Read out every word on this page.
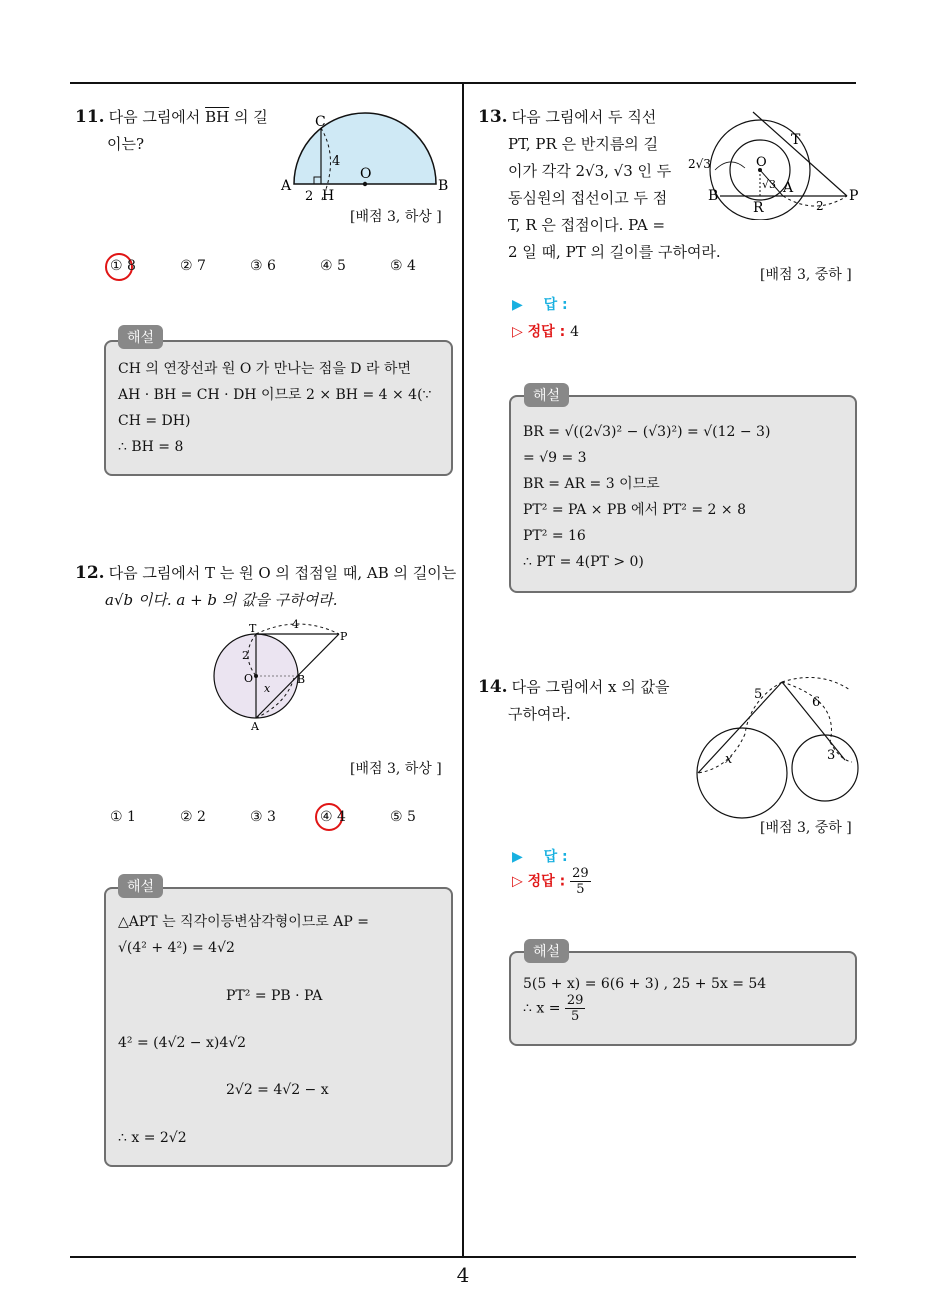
11. 다음 그림에서 $\overline{BH}$ 의 길
이는?
C
4
O
A
2 H
B
[배점 3, 하상 ]
① 8	② 7	③ 6	④ 5	⑤ 4
CH 의 연장선과 원 O 가 만나는 점을 D 라 하면
AH · BH = CH · DH 이므로 2 × BH = 4 × 4(∵
CH = DH)
∴ BH = 8
해설
12. 다음 그림에서 T 는 원 O 의 접점일 때, AB 의 길이는
a√b 이다. a + b 의 값을 구하여라.
T	4
P
2
O
x
B
A
[배점 3, 하상 ]
① 1	② 2	③ 3	④ 4	⑤ 5
△APT 는 직각이등변삼각형이므로 AP =
√(4² + 4²) = 4√2
PT² = PB · PA
4² = (4√2 − x)4√2
2√2 = 4√2 − x
∴ x = 2√2
해설
13. 다음 그림에서 두 직선
PT, PR 은 반지름의 길
이가 각각 2√3, √3 인 두
동심원의 접선이고 두 점
T, R 은 접점이다. PA =
2 일 때, PT 의 길이를 구하여라.
T
2√3	O
√3
B	A	P
R	2
[배점 3, 중하 ]
▶ 답 :
▷ 정답 : 4
BR = √((2√3)² − (√3)²) = √(12 − 3)
= √9 = 3
BR = AR = 3 이므로
PT² = PA × PB 에서 PT² = 2 × 8
PT² = 16
∴ PT = 4(PT > 0)
해설
14. 다음 그림에서 x 의 값을
구하여라.
5
6
x	3
[배점 3, 중하 ]
▶ 답 :
▷ 정답 : $\frac{29}{5}$
5(5 + x) = 6(6 + 3) , 25 + 5x = 54
∴ $x = \frac{29}{5}$
해설
4
